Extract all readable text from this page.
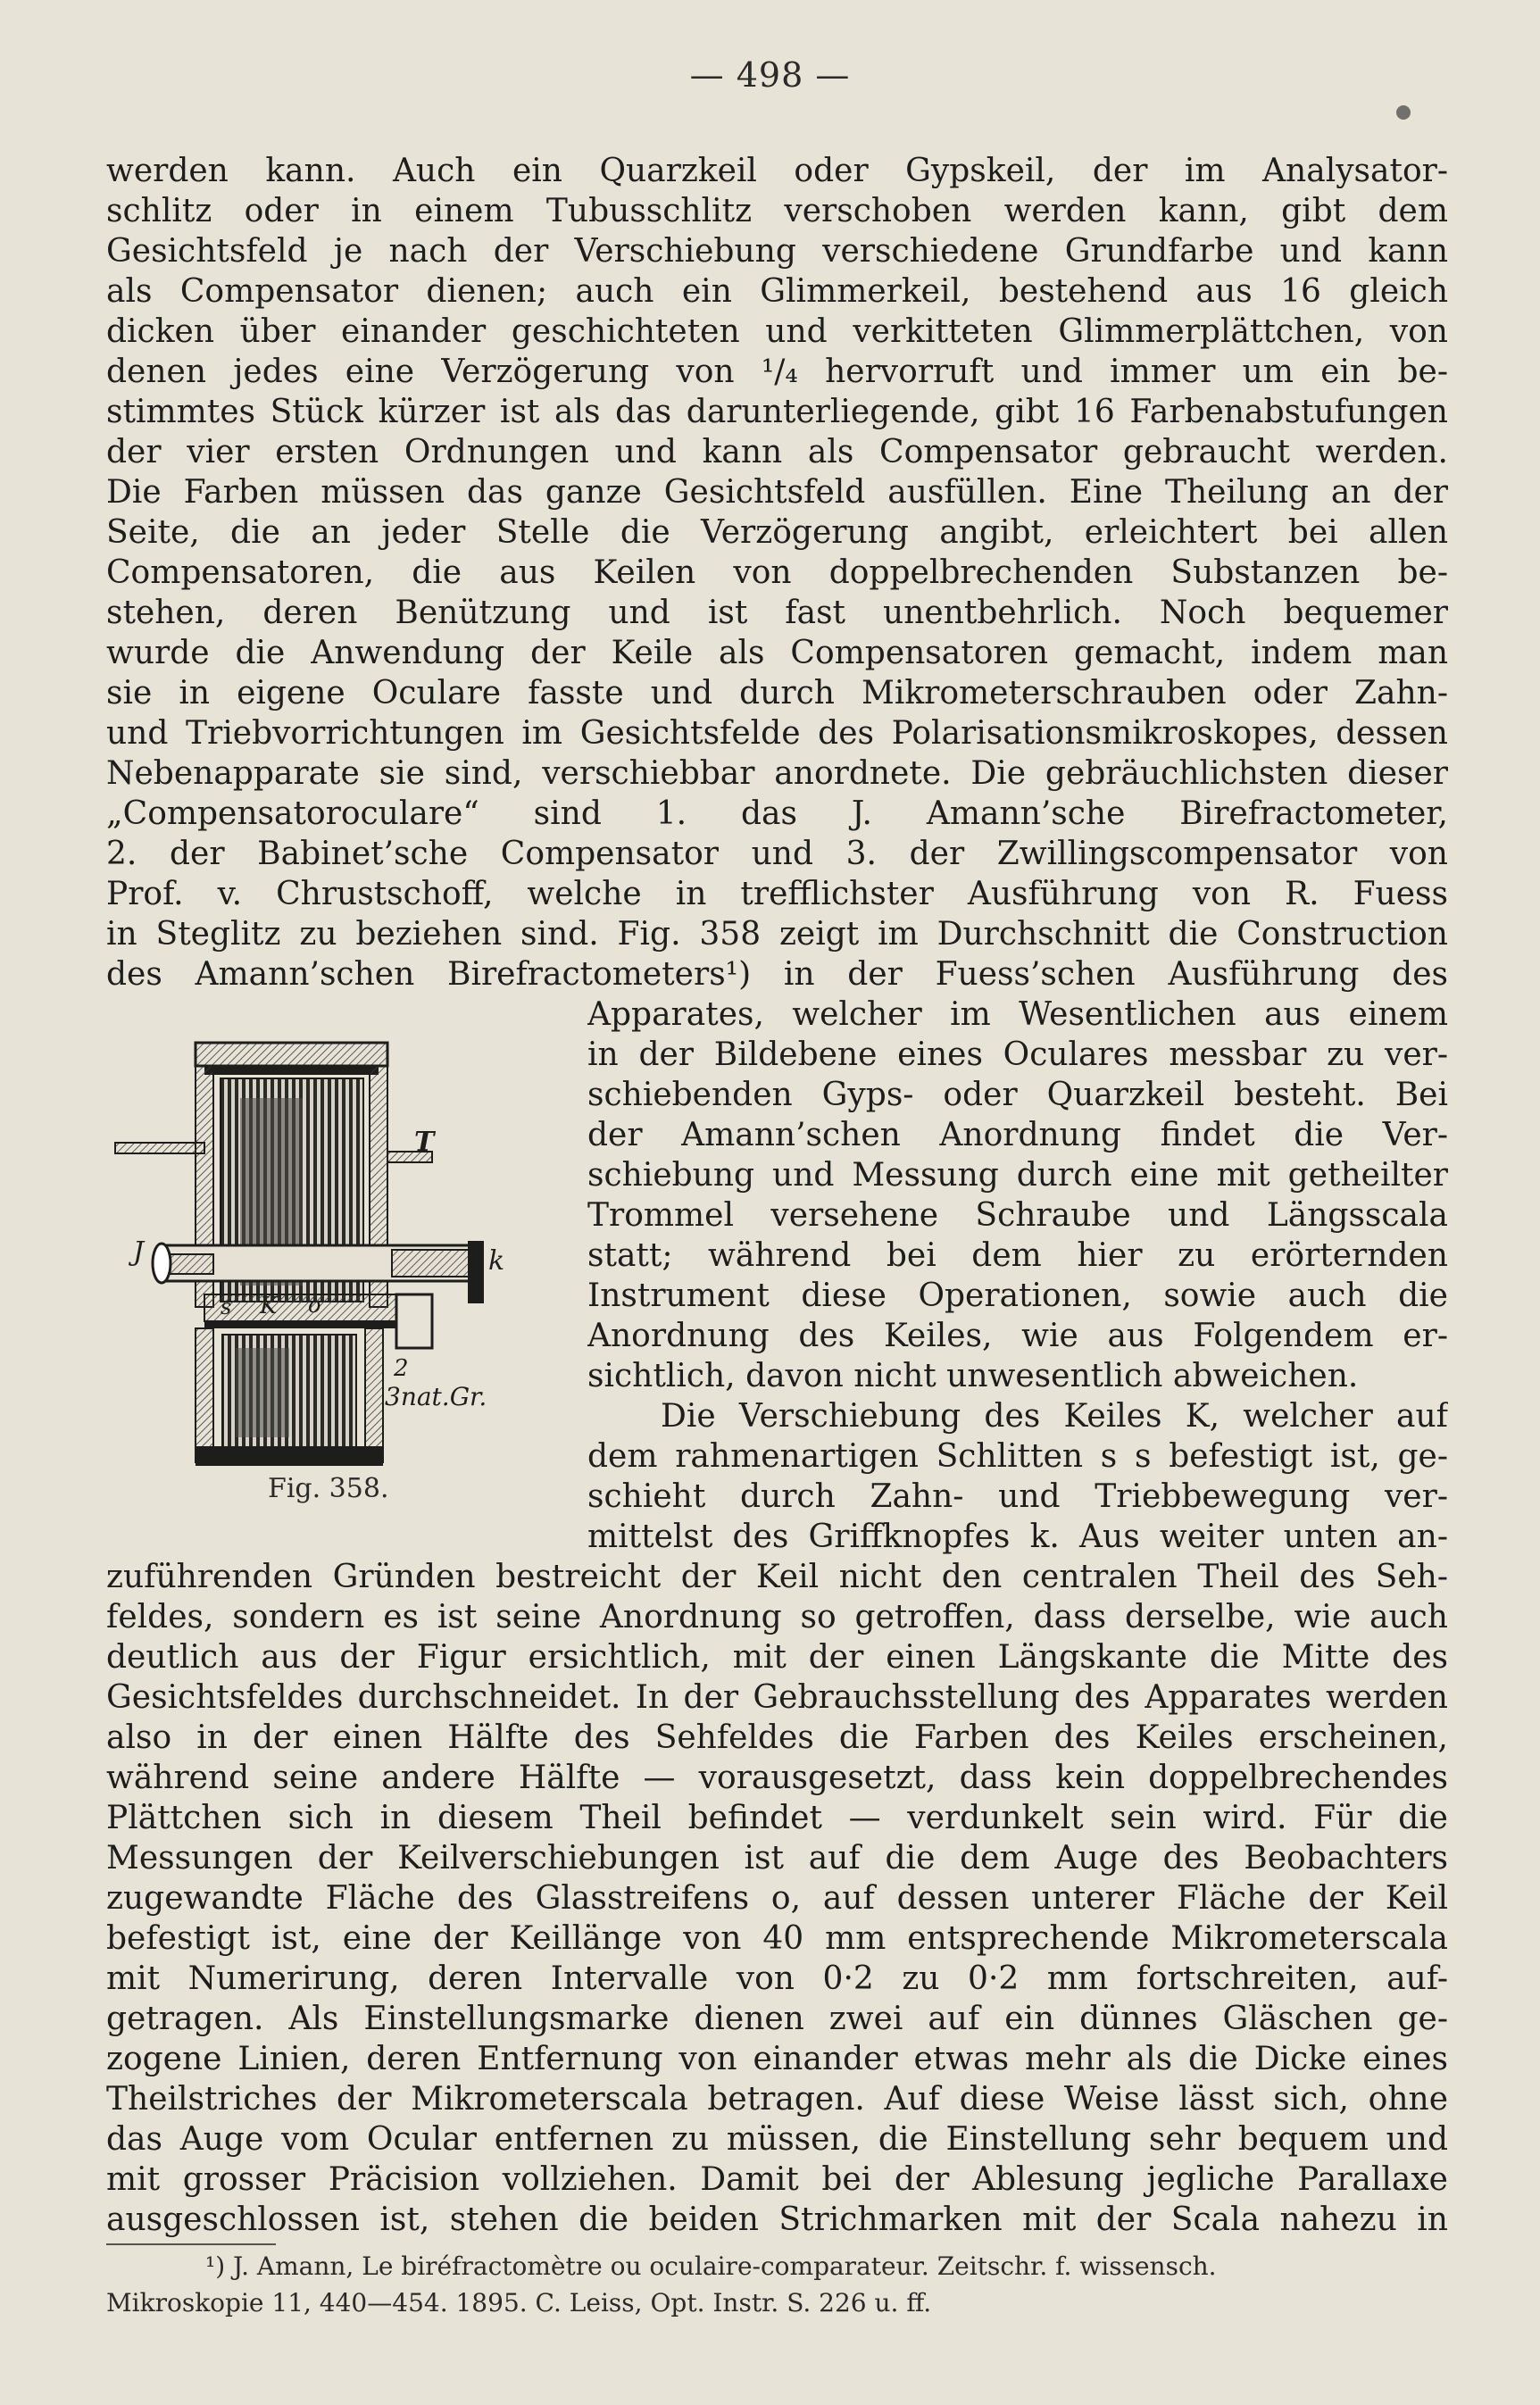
— 498 —
werden kann. Auch ein Quarzkeil oder Gypskeil, der im Analysator-
schlitz oder in einem Tubusschlitz verschoben werden kann, gibt dem
Gesichtsfeld je nach der Verschiebung verschiedene Grundfarbe und kann
als Compensator dienen; auch ein Glimmerkeil, bestehend aus 16 gleich
dicken über einander geschichteten und verkitteten Glimmerplättchen, von
denen jedes eine Verzögerung von ¹/₄ hervorruft und immer um ein be-
stimmtes Stück kürzer ist als das darunterliegende, gibt 16 Farbenabstufungen
der vier ersten Ordnungen und kann als Compensator gebraucht werden.
Die Farben müssen das ganze Gesichtsfeld ausfüllen. Eine Theilung an der
Seite, die an jeder Stelle die Verzögerung angibt, erleichtert bei allen
Compensatoren, die aus Keilen von doppelbrechenden Substanzen be-
stehen, deren Benützung und ist fast unentbehrlich. Noch bequemer
wurde die Anwendung der Keile als Compensatoren gemacht, indem man
sie in eigene Oculare fasste und durch Mikrometerschrauben oder Zahn-
und Triebvorrichtungen im Gesichtsfelde des Polarisationsmikroskopes, dessen
Nebenapparate sie sind, verschiebbar anordnete. Die gebräuchlichsten dieser
„Compensatoroculare“ sind 1. das J. Amann’sche Birefractometer,
2. der Babinet’sche Compensator und 3. der Zwillingscompensator von
Prof. v. Chrustschoff, welche in trefflichster Ausführung von R. Fuess
in Steglitz zu beziehen sind. Fig. 358 zeigt im Durchschnitt die Construction
des Amann’schen Birefractometers¹) in der Fuess’schen Ausführung des
T
J	k
s K o
2
3nat.Gr.
Fig. 358.
Apparates, welcher im Wesentlichen aus einem
in der Bildebene eines Oculares messbar zu ver-
schiebenden Gyps- oder Quarzkeil besteht. Bei
der Amann’schen Anordnung findet die Ver-
schiebung und Messung durch eine mit getheilter
Trommel versehene Schraube und Längsscala
statt; während bei dem hier zu erörternden
Instrument diese Operationen, sowie auch die
Anordnung des Keiles, wie aus Folgendem er-
sichtlich, davon nicht unwesentlich abweichen.
Die Verschiebung des Keiles K, welcher auf
dem rahmenartigen Schlitten s s befestigt ist, ge-
schieht durch Zahn- und Triebbewegung ver-
mittelst des Griffknopfes k. Aus weiter unten an-
zuführenden Gründen bestreicht der Keil nicht den centralen Theil des Seh-
feldes, sondern es ist seine Anordnung so getroffen, dass derselbe, wie auch
deutlich aus der Figur ersichtlich, mit der einen Längskante die Mitte des
Gesichtsfeldes durchschneidet. In der Gebrauchsstellung des Apparates werden
also in der einen Hälfte des Sehfeldes die Farben des Keiles erscheinen,
während seine andere Hälfte — vorausgesetzt, dass kein doppelbrechendes
Plättchen sich in diesem Theil befindet — verdunkelt sein wird. Für die
Messungen der Keilverschiebungen ist auf die dem Auge des Beobachters
zugewandte Fläche des Glasstreifens o, auf dessen unterer Fläche der Keil
befestigt ist, eine der Keillänge von 40 mm entsprechende Mikrometerscala
mit Numerirung, deren Intervalle von 0·2 zu 0·2 mm fortschreiten, auf-
getragen. Als Einstellungsmarke dienen zwei auf ein dünnes Gläschen ge-
zogene Linien, deren Entfernung von einander etwas mehr als die Dicke eines
Theilstriches der Mikrometerscala betragen. Auf diese Weise lässt sich, ohne
das Auge vom Ocular entfernen zu müssen, die Einstellung sehr bequem und
mit grosser Präcision vollziehen. Damit bei der Ablesung jegliche Parallaxe
ausgeschlossen ist, stehen die beiden Strichmarken mit der Scala nahezu in
¹) J. Amann, Le biréfractomètre ou oculaire-comparateur. Zeitschr. f. wissensch.
Mikroskopie 11, 440—454. 1895. C. Leiss, Opt. Instr. S. 226 u. ff.
